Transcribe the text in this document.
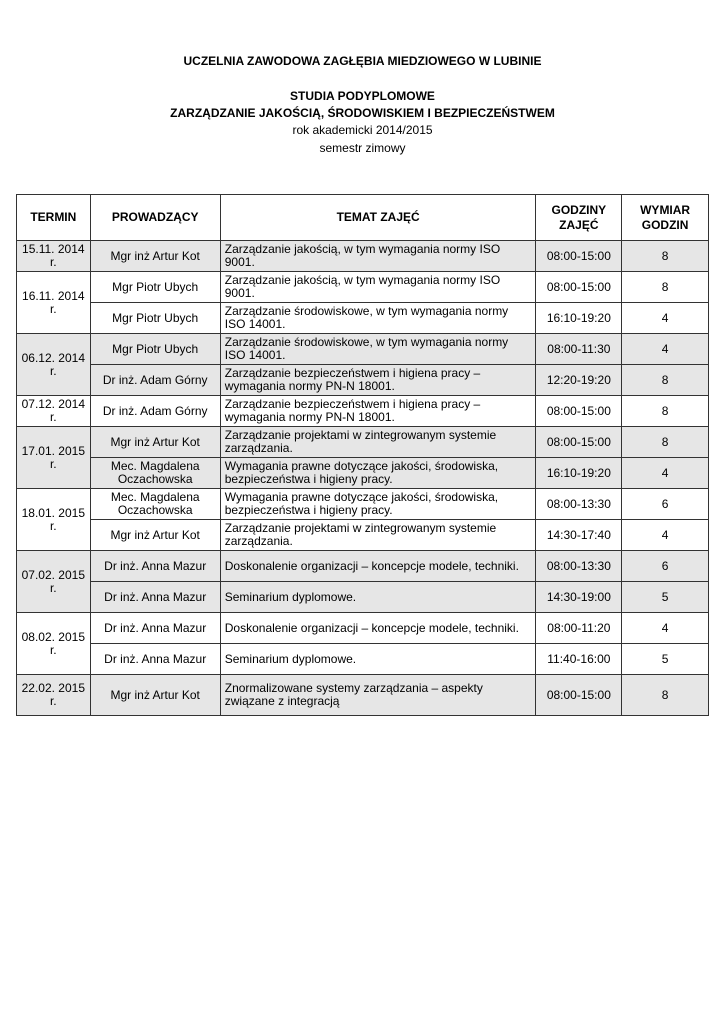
UCZELNIA ZAWODOWA ZAGŁĘBIA MIEDZIOWEGO W LUBINIE
STUDIA PODYPLOMOWE
ZARZĄDZANIE JAKOŚCIĄ, ŚRODOWISKIEM I BEZPIECZEŃSTWEM
rok akademicki 2014/2015
semestr zimowy
TERMIN	PROWADZĄCY	TEMAT ZAJĘĆ	GODZINY ZAJĘĆ	WYMIAR GODZIN
15.11. 2014 r.	Mgr inż Artur Kot	Zarządzanie jakością, w tym wymagania normy ISO 9001.	08:00-15:00	8
16.11. 2014 r.	Mgr Piotr Ubych	Zarządzanie jakością, w tym wymagania normy ISO 9001.	08:00-15:00	8
	Mgr Piotr Ubych	Zarządzanie środowiskowe, w tym wymagania normy ISO 14001.	16:10-19:20	4
06.12. 2014 r.	Mgr Piotr Ubych	Zarządzanie środowiskowe, w tym wymagania normy ISO 14001.	08:00-11:30	4
	Dr inż. Adam Górny	Zarządzanie bezpieczeństwem i higiena pracy – wymagania normy PN-N 18001.	12:20-19:20	8
07.12. 2014 r.	Dr inż. Adam Górny	Zarządzanie bezpieczeństwem i higiena pracy – wymagania normy PN-N 18001.	08:00-15:00	8
17.01. 2015 r.	Mgr inż Artur Kot	Zarządzanie projektami w zintegrowanym systemie zarządzania.	08:00-15:00	8
	Mec. Magdalena Oczachowska	Wymagania prawne dotyczące jakości, środowiska, bezpieczeństwa i higieny pracy.	16:10-19:20	4
18.01. 2015 r.	Mec. Magdalena Oczachowska	Wymagania prawne dotyczące jakości, środowiska, bezpieczeństwa i higieny pracy.	08:00-13:30	6
	Mgr inż Artur Kot	Zarządzanie projektami w zintegrowanym systemie zarządzania.	14:30-17:40	4
07.02. 2015 r.	Dr inż. Anna Mazur	Doskonalenie organizacji – koncepcje modele, techniki.	08:00-13:30	6
	Dr inż. Anna Mazur	Seminarium dyplomowe.	14:30-19:00	5
08.02. 2015 r.	Dr inż. Anna Mazur	Doskonalenie organizacji – koncepcje modele, techniki.	08:00-11:20	4
	Dr inż. Anna Mazur	Seminarium dyplomowe.	11:40-16:00	5
22.02. 2015 r.	Mgr inż Artur Kot	Znormalizowane systemy zarządzania – aspekty związane z integracją	08:00-15:00	8
